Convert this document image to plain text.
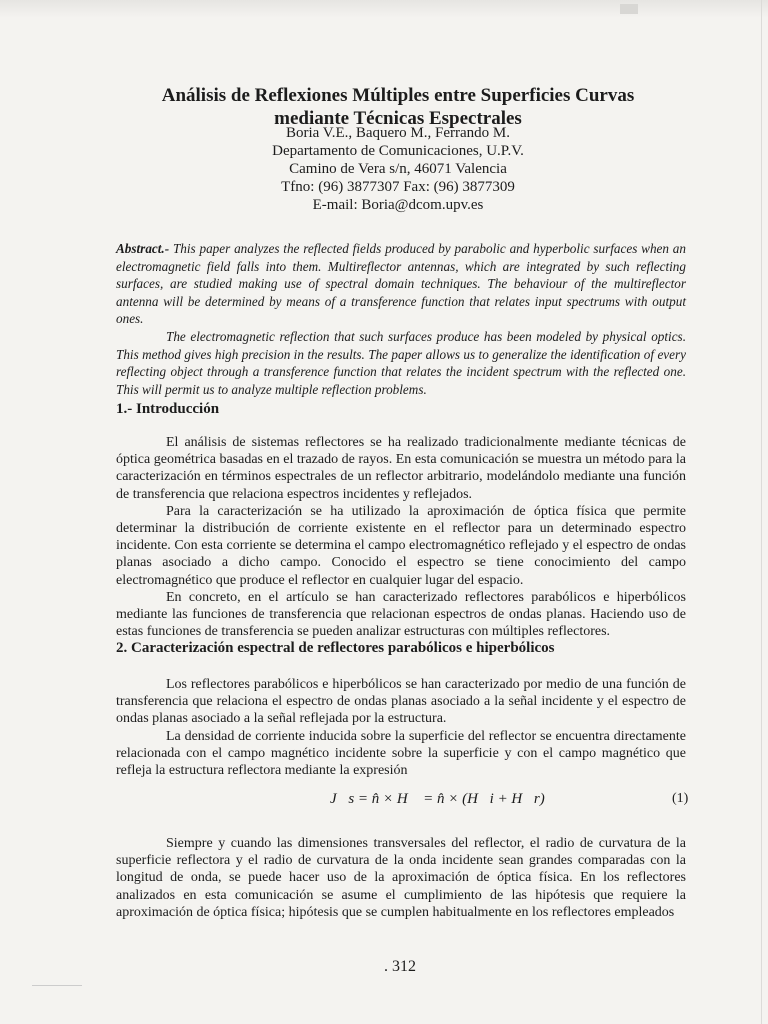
Análisis de Reflexiones Múltiples entre Superficies Curvas
mediante Técnicas Espectrales
Boria V.E., Baquero M., Ferrando M.
Departamento de Comunicaciones, U.P.V.
Camino de Vera s/n, 46071 Valencia
Tfno: (96) 3877307 Fax: (96) 3877309
E-mail: Boria@dcom.upv.es

Abstract.- This paper analyzes the reflected fields produced by parabolic and hyperbolic surfaces when an electromagnetic field falls into them. Multireflector antennas, which are integrated by such reflecting surfaces, are studied making use of spectral domain techniques. The behaviour of the multireflector antenna will be determined by means of a transference function that relates input spectrums with output ones.

The electromagnetic reflection that such surfaces produce has been modeled by physical optics. This method gives high precision in the results. The paper allows us to generalize the identification of every reflecting object through a transference function that relates the incident spectrum with the reflected one. This will permit us to analyze multiple reflection problems.

1.- Introducción

El análisis de sistemas reflectores se ha realizado tradicionalmente mediante técnicas de óptica geométrica basadas en el trazado de rayos. En esta comunicación se muestra un método para la caracterización en términos espectrales de un reflector arbitrario, modelándolo mediante una función de transferencia que relaciona espectros incidentes y reflejados.

Para la caracterización se ha utilizado la aproximación de óptica física que permite determinar la distribución de corriente existente en el reflector para un determinado espectro incidente. Con esta corriente se determina el campo electromagnético reflejado y el espectro de ondas planas asociado a dicho campo. Conocido el espectro se tiene conocimiento del campo electromagnético que produce el reflector en cualquier lugar del espacio.

En concreto, en el artículo se han caracterizado reflectores parabólicos e hiperbólicos mediante las funciones de transferencia que relacionan espectros de ondas planas. Haciendo uso de estas funciones de transferencia se pueden analizar estructuras con múltiples reflectores.

2. Caracterización espectral de reflectores parabólicos e hiperbólicos

Los reflectores parabólicos e hiperbólicos se han caracterizado por medio de una función de transferencia que relaciona el espectro de ondas planas asociado a la señal incidente y el espectro de ondas planas asociado a la señal reflejada por la estructura.

La densidad de corriente inducida sobre la superficie del reflector se encuentra directamente relacionada con el campo magnético incidente sobre la superficie y con el campo magnético que refleja la estructura reflectora mediante la expresión

J⃗s = n̂ × H⃗ = n̂ × (H⃗i + H⃗r)	(1)

Siempre y cuando las dimensiones transversales del reflector, el radio de curvatura de la superficie reflectora y el radio de curvatura de la onda incidente sean grandes comparadas con la longitud de onda, se puede hacer uso de la aproximación de óptica física. En los reflectores analizados en esta comunicación se asume el cumplimiento de las hipótesis que requiere la aproximación de óptica física; hipótesis que se cumplen habitualmente en los reflectores empleados

. 312
